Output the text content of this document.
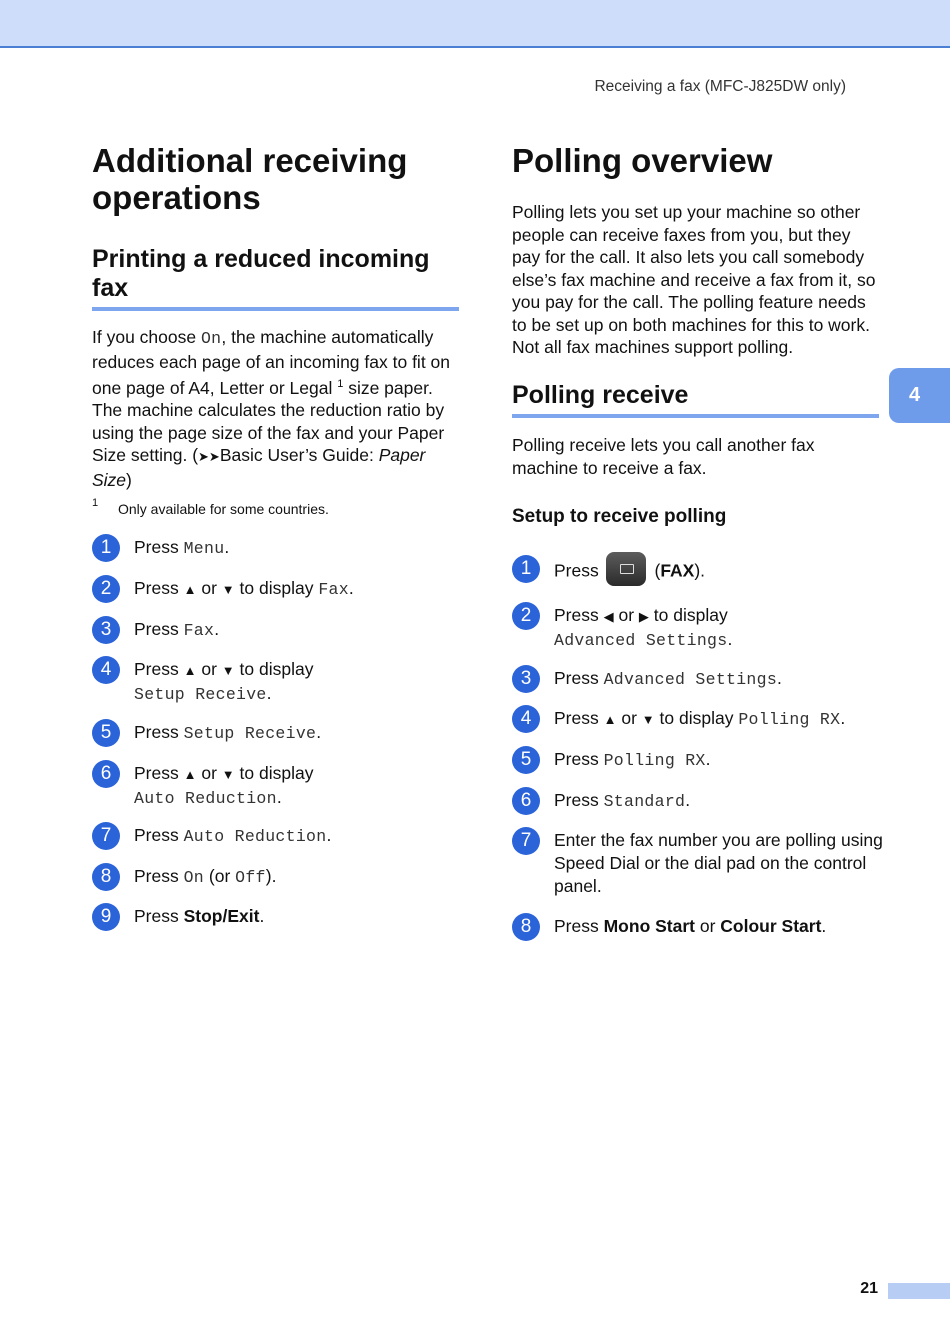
Receiving a fax (MFC-J825DW only)
4
Additional receiving
operations
Printing a reduced incoming
fax
If you choose On, the machine automatically reduces each page of an incoming fax to fit on one page of A4, Letter or Legal $^1$ size paper. The machine calculates the reduction ratio by using the page size of the fax and your Paper Size setting. (➤➤Basic User’s Guide: Paper Size)
1 Only available for some countries.
1	Press Menu.
2	Press ▲ or ▼ to display Fax.
3	Press Fax.
4	Press ▲ or ▼ to display
Setup Receive.
5	Press Setup Receive.
6	Press ▲ or ▼ to display
Auto Reduction.
7	Press Auto Reduction.
8	Press On (or Off).
9	Press Stop/Exit.
Polling overview
Polling lets you set up your machine so other people can receive faxes from you, but they pay for the call. It also lets you call somebody else’s fax machine and receive a fax from it, so you pay for the call. The polling feature needs to be set up on both machines for this to work. Not all fax machines support polling.
Polling receive
Polling receive lets you call another fax machine to receive a fax.
Setup to receive polling
1	Press	(FAX).
2	Press ◀ or ▶ to display
Advanced Settings.
3	Press Advanced Settings.
4	Press ▲ or ▼ to display Polling RX.
5	Press Polling RX.
6	Press Standard.
7	Enter the fax number you are polling using Speed Dial or the dial pad on the control panel.
8	Press Mono Start or Colour Start.
21
